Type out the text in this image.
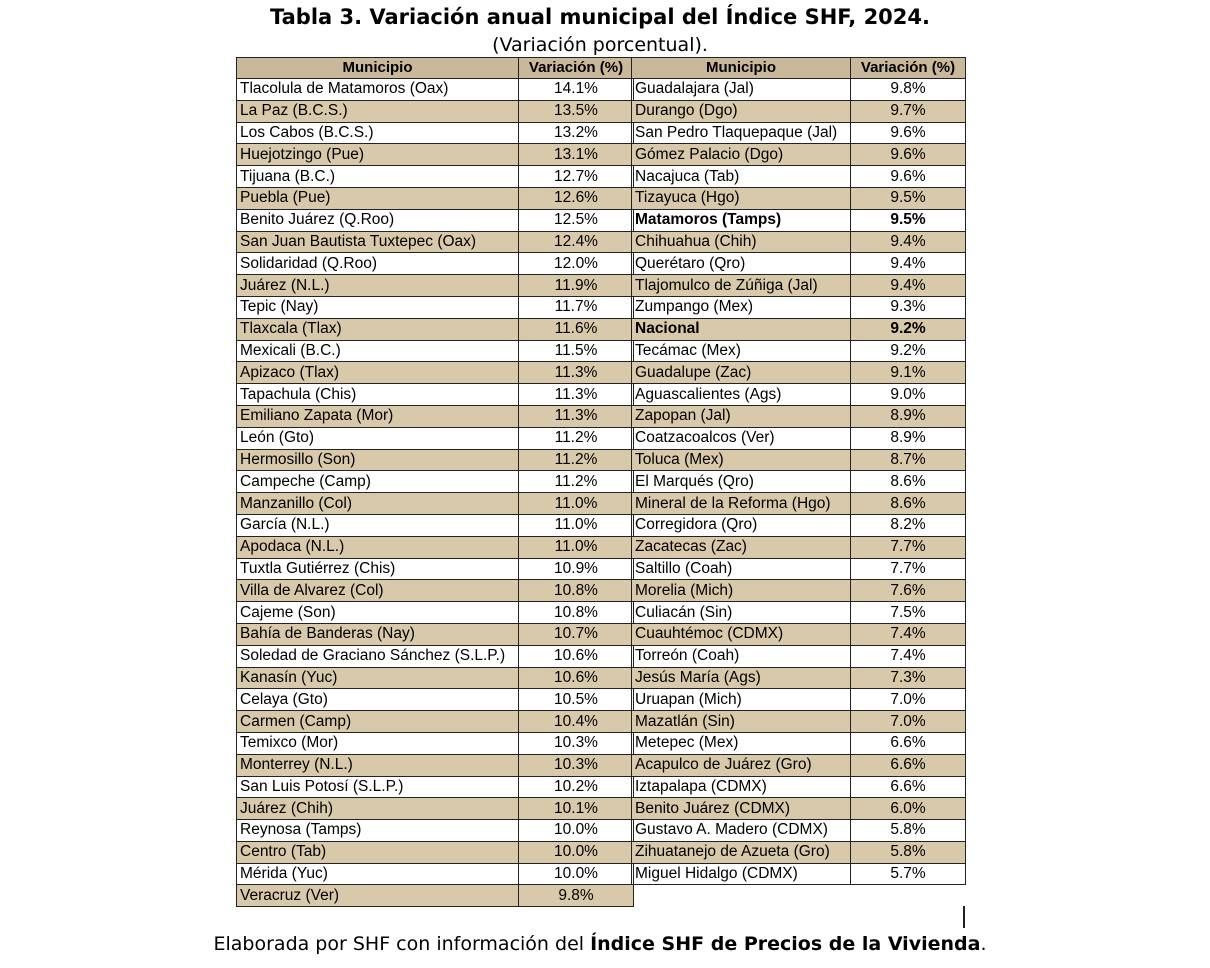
Tabla 3. Variación anual municipal del Índice SHF, 2024.
(Variación porcentual).
Municipio	Variación (%)
Tlacolula de Matamoros (Oax)	14.1%
La Paz (B.C.S.)	13.5%
Los Cabos (B.C.S.)	13.2%
Huejotzingo (Pue)	13.1%
Tijuana (B.C.)	12.7%
Puebla (Pue)	12.6%
Benito Juárez (Q.Roo)	12.5%
San Juan Bautista Tuxtepec (Oax)	12.4%
Solidaridad (Q.Roo)	12.0%
Juárez (N.L.)	11.9%
Tepic (Nay)	11.7%
Tlaxcala (Tlax)	11.6%
Mexicali (B.C.)	11.5%
Apizaco (Tlax)	11.3%
Tapachula (Chis)	11.3%
Emiliano Zapata (Mor)	11.3%
León (Gto)	11.2%
Hermosillo (Son)	11.2%
Campeche (Camp)	11.2%
Manzanillo (Col)	11.0%
García (N.L.)	11.0%
Apodaca (N.L.)	11.0%
Tuxtla Gutiérrez (Chis)	10.9%
Villa de Alvarez (Col)	10.8%
Cajeme (Son)	10.8%
Bahía de Banderas (Nay)	10.7%
Soledad de Graciano Sánchez (S.L.P.)	10.6%
Kanasín (Yuc)	10.6%
Celaya (Gto)	10.5%
Carmen (Camp)	10.4%
Temixco (Mor)	10.3%
Monterrey (N.L.)	10.3%
San Luis Potosí (S.L.P.)	10.2%
Juárez (Chih)	10.1%
Reynosa (Tamps)	10.0%
Centro (Tab)	10.0%
Mérida (Yuc)	10.0%
Veracruz (Ver)	9.8%
Municipio	Variación (%)
Guadalajara (Jal)	9.8%
Durango (Dgo)	9.7%
San Pedro Tlaquepaque (Jal)	9.6%
Gómez Palacio (Dgo)	9.6%
Nacajuca (Tab)	9.6%
Tizayuca (Hgo)	9.5%
Matamoros (Tamps)	9.5%
Chihuahua (Chih)	9.4%
Querétaro (Qro)	9.4%
Tlajomulco de Zúñiga (Jal)	9.4%
Zumpango (Mex)	9.3%
Nacional	9.2%
Tecámac (Mex)	9.2%
Guadalupe (Zac)	9.1%
Aguascalientes (Ags)	9.0%
Zapopan (Jal)	8.9%
Coatzacoalcos (Ver)	8.9%
Toluca (Mex)	8.7%
El Marqués (Qro)	8.6%
Mineral de la Reforma (Hgo)	8.6%
Corregidora (Qro)	8.2%
Zacatecas (Zac)	7.7%
Saltillo (Coah)	7.7%
Morelia (Mich)	7.6%
Culiacán (Sin)	7.5%
Cuauhtémoc (CDMX)	7.4%
Torreón (Coah)	7.4%
Jesús María (Ags)	7.3%
Uruapan (Mich)	7.0%
Mazatlán (Sin)	7.0%
Metepec (Mex)	6.6%
Acapulco de Juárez (Gro)	6.6%
Iztapalapa (CDMX)	6.6%
Benito Juárez (CDMX)	6.0%
Gustavo A. Madero (CDMX)	5.8%
Zihuatanejo de Azueta (Gro)	5.8%
Miguel Hidalgo (CDMX)	5.7%
Elaborada por SHF con información del Índice SHF de Precios de la Vivienda.
